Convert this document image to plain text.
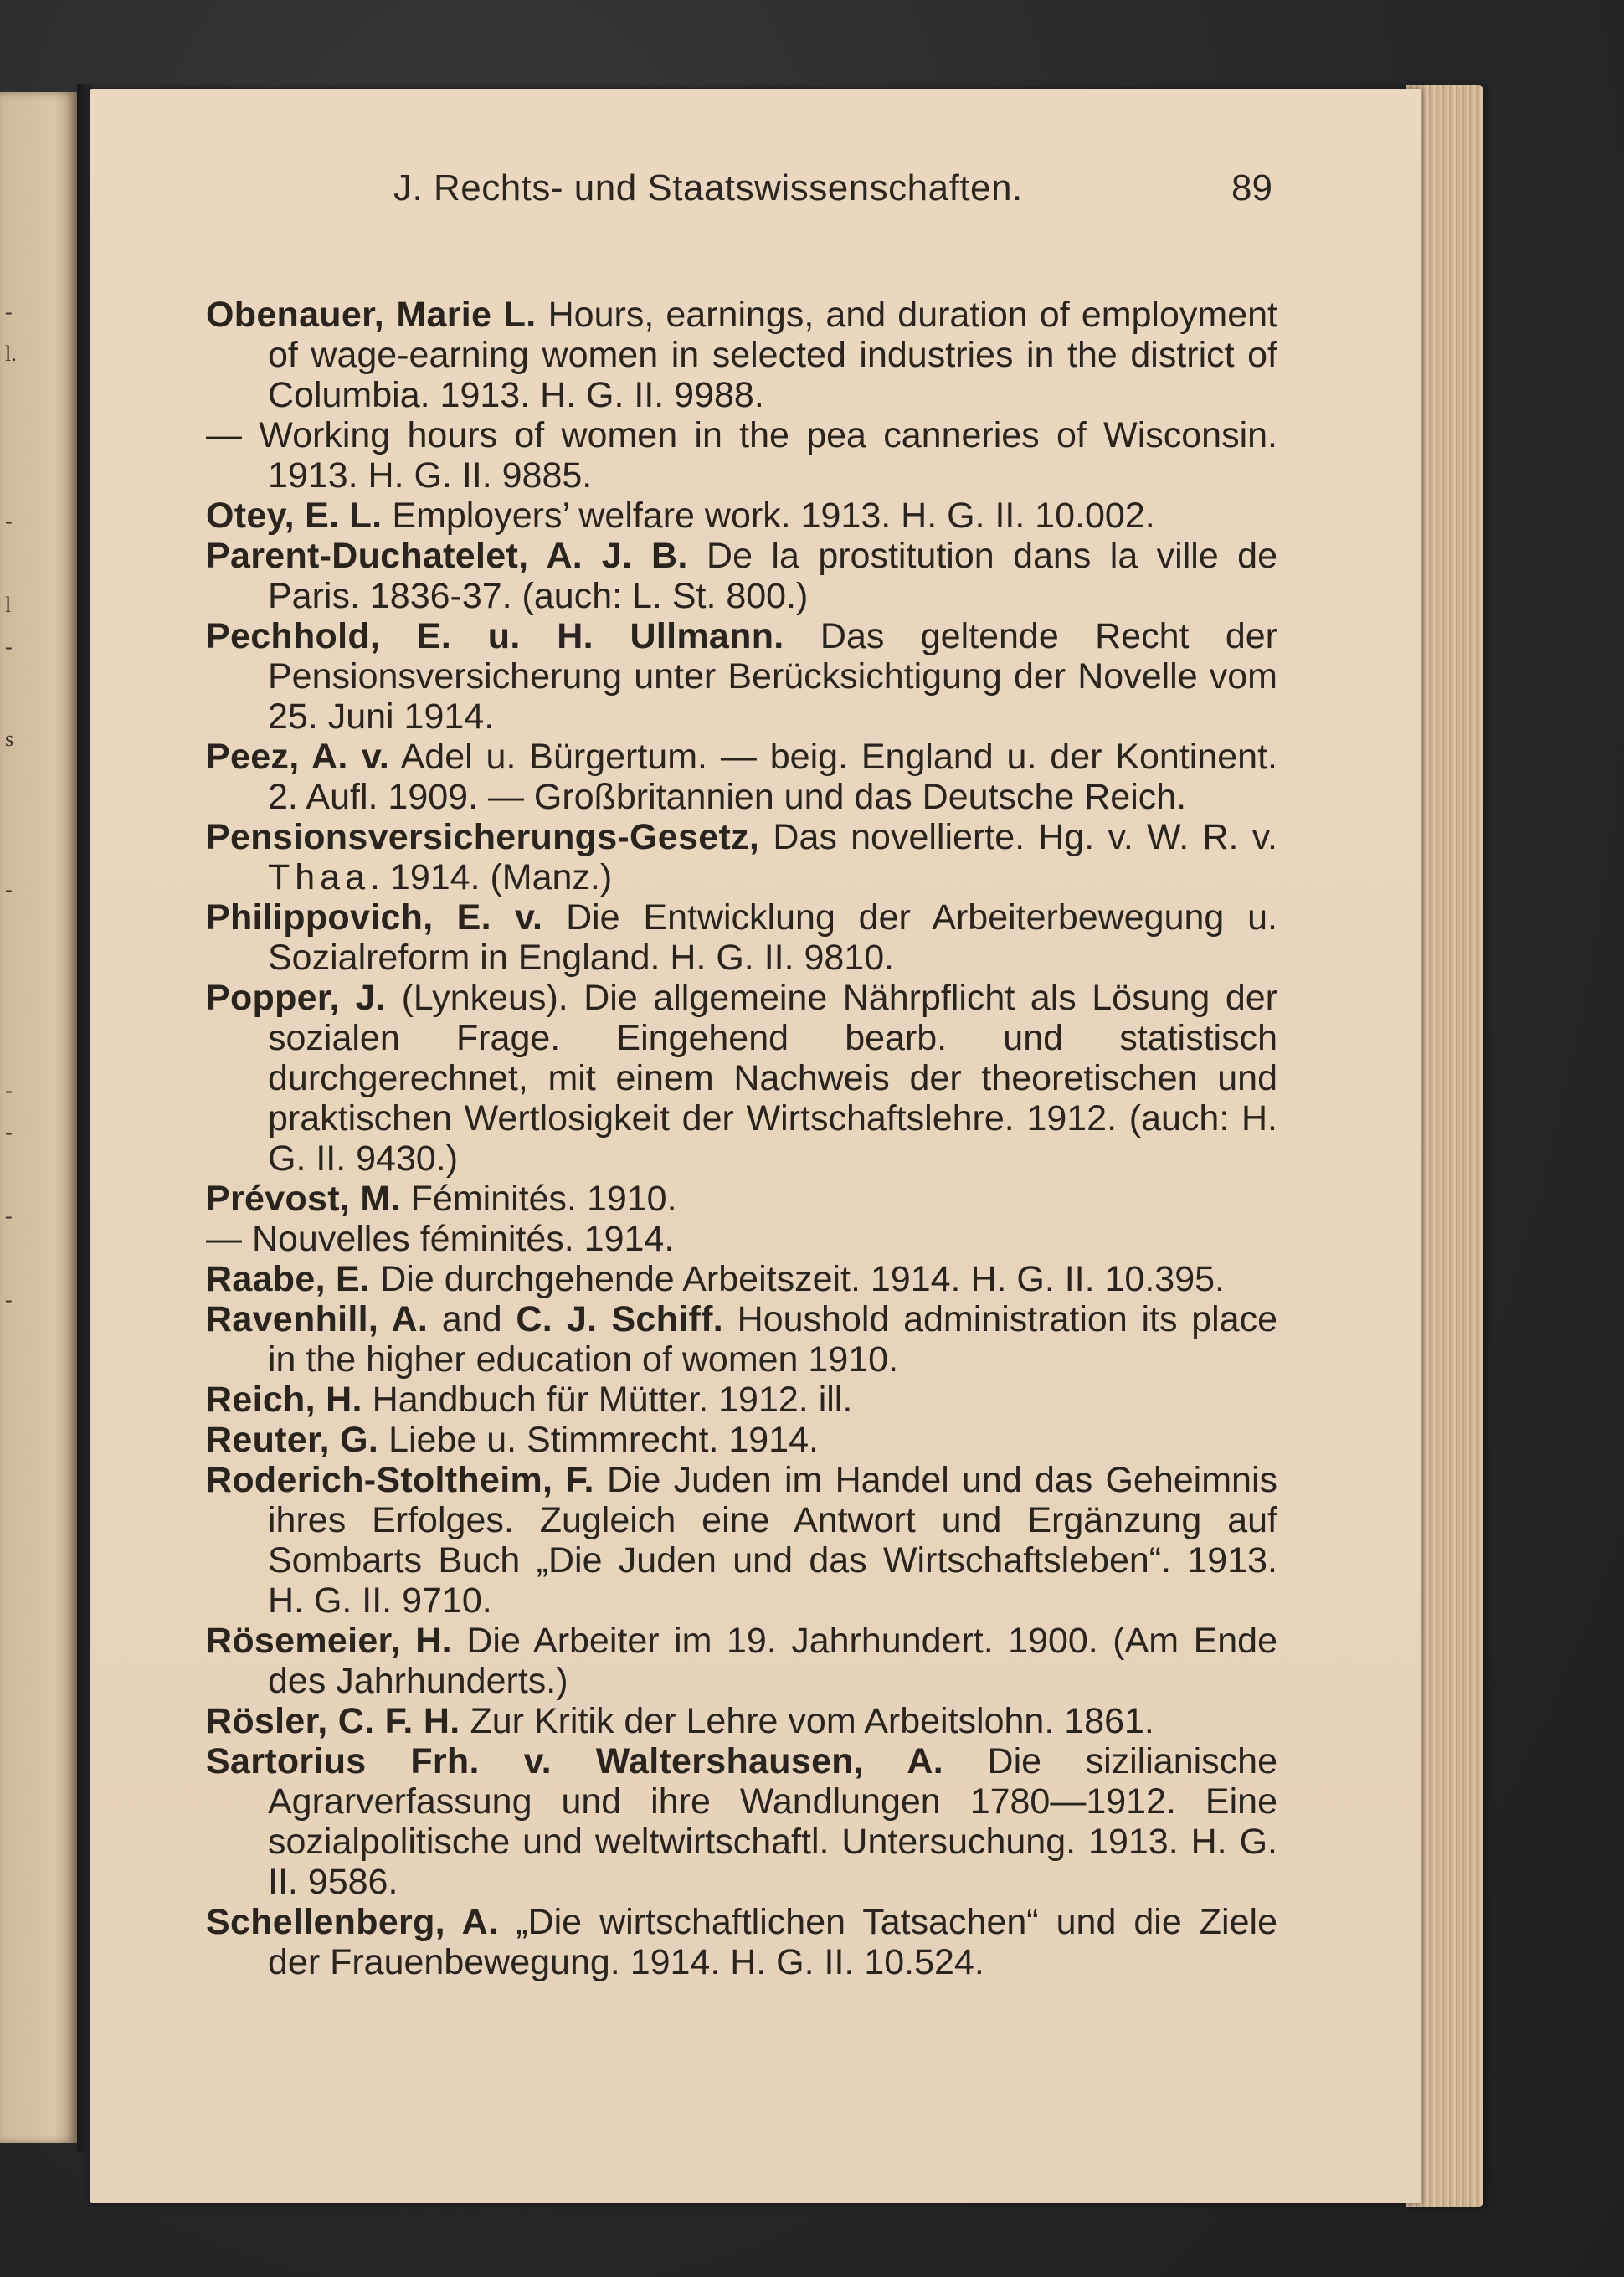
-
l.
-
l
-
s
-
-
-
-
-
J. Rechts- und Staatswissenschaften.	89
Obenauer, Marie L. Hours, earnings, and duration of employment of wage-earning women in selected industries in the district of Columbia. 1913. H. G. II. 9988.
— Working hours of women in the pea canneries of Wisconsin. 1913. H. G. II. 9885.
Otey, E. L. Employers’ welfare work. 1913. H. G. II. 10.002.
Parent-Duchatelet, A. J. B. De la prostitution dans la ville de Paris. 1836-37. (auch: L. St. 800.)
Pechhold, E. u. H. Ullmann. Das geltende Recht der Pensionsversicherung unter Berücksichtigung der Novelle vom 25. Juni 1914.
Peez, A. v. Adel u. Bürgertum. — beig. England u. der Kontinent. 2. Aufl. 1909. — Großbritannien und das Deutsche Reich.
Pensionsversicherungs-Gesetz, Das novellierte. Hg. v. W. R. v. Thaa. 1914. (Manz.)
Philippovich, E. v. Die Entwicklung der Arbeiterbewegung u. Sozialreform in England. H. G. II. 9810.
Popper, J. (Lynkeus). Die allgemeine Nährpflicht als Lösung der sozialen Frage. Eingehend bearb. und statistisch durchgerechnet, mit einem Nachweis der theoretischen und praktischen Wertlosigkeit der Wirtschaftslehre. 1912. (auch: H. G. II. 9430.)
Prévost, M. Féminités. 1910.
— Nouvelles féminités. 1914.
Raabe, E. Die durchgehende Arbeitszeit. 1914. H. G. II. 10.395.
Ravenhill, A. and C. J. Schiff. Houshold administration its place in the higher education of women 1910.
Reich, H. Handbuch für Mütter. 1912. ill.
Reuter, G. Liebe u. Stimmrecht. 1914.
Roderich-Stoltheim, F. Die Juden im Handel und das Geheimnis ihres Erfolges. Zugleich eine Antwort und Ergänzung auf Sombarts Buch „Die Juden und das Wirtschaftsleben“. 1913. H. G. II. 9710.
Rösemeier, H. Die Arbeiter im 19. Jahrhundert. 1900. (Am Ende des Jahrhunderts.)
Rösler, C. F. H. Zur Kritik der Lehre vom Arbeitslohn. 1861.
Sartorius Frh. v. Waltershausen, A. Die sizilianische Agrarverfassung und ihre Wandlungen 1780—1912. Eine sozialpolitische und weltwirtschaftl. Untersuchung. 1913. H. G. II. 9586.
Schellenberg, A. „Die wirtschaftlichen Tatsachen“ und die Ziele der Frauenbewegung. 1914. H. G. II. 10.524.
